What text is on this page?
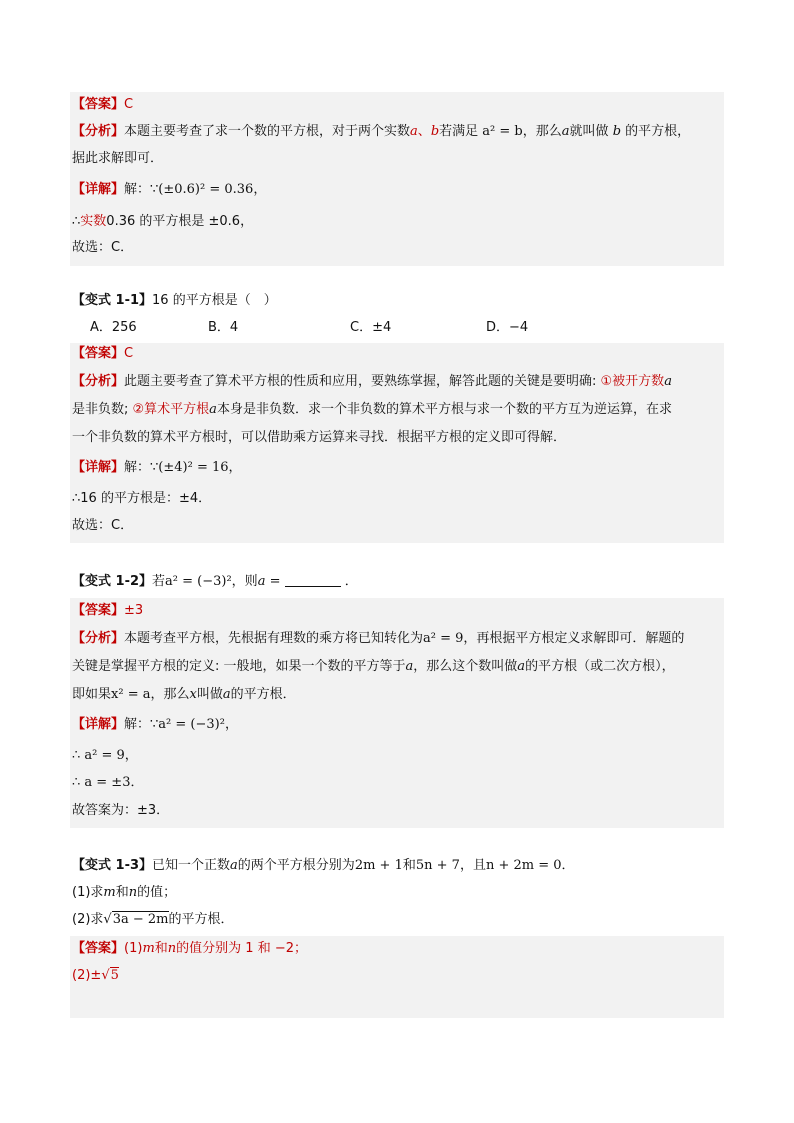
【答案】C
【分析】本题主要考查了求一个数的平方根，对于两个实数a、b若满足 a² = b，那么a就叫做 b 的平方根，
据此求解即可．
【详解】解：∵(±0.6)² = 0.36，
∴实数0.36 的平方根是 ±0.6，
故选：C．
【变式 1-1】16 的平方根是（　）
A．256	B．4	C．±4	D．−4
【答案】C
【分析】此题主要考查了算术平方根的性质和应用，要熟练掌握，解答此题的关键是要明确: ①被开方数a
是非负数; ②算术平方根a本身是非负数．求一个非负数的算术平方根与求一个数的平方互为逆运算，在求
一个非负数的算术平方根时，可以借助乘方运算来寻找．根据平方根的定义即可得解．
【详解】解：∵(±4)² = 16，
∴16 的平方根是：±4．
故选：C．
【变式 1-2】若a² = (−3)²，则a =	．
【答案】±3
【分析】本题考查平方根，先根据有理数的乘方将已知转化为a² = 9，再根据平方根定义求解即可．解题的
关键是掌握平方根的定义: 一般地，如果一个数的平方等于a，那么这个数叫做a的平方根（或二次方根），
即如果x² = a，那么x叫做a的平方根．
【详解】解：∵a² = (−3)²，
∴ a² = 9，
∴ a = ±3．
故答案为：±3．
【变式 1-3】已知一个正数a的两个平方根分别为2m + 1和5n + 7，且n + 2m = 0．
(1)求m和n的值；
(2)求√3a − 2m的平方根．
【答案】(1)m和n的值分别为 1 和 −2；
(2)±√5
